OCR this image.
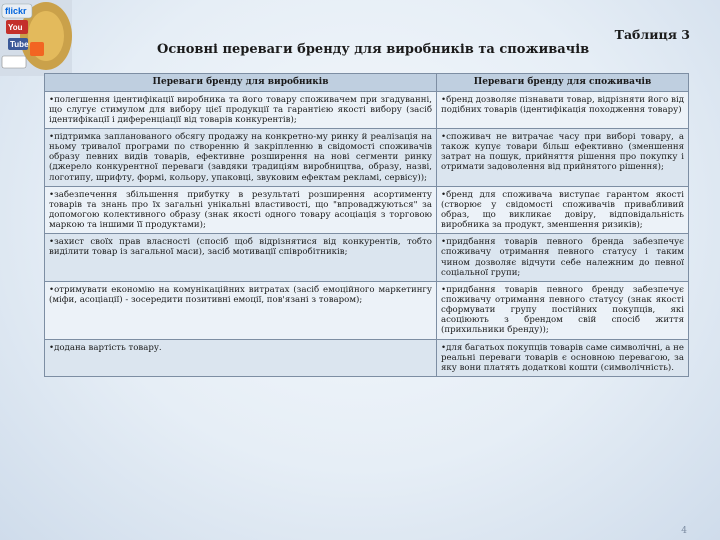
flickr
You
Tube
Таблиця 3
Основні переваги бренду для виробників та споживачів
Переваги бренду для виробників	Переваги бренду для споживачів
•полегшення ідентифікації виробника та його товару споживачем при згадуванні, що слугує стимулом для вибору цієї продукції та гарантією якості вибору (засіб ідентифікації і диференціації від товарів конкурентів);	•бренд дозволяє пізнавати товар, відрізняти його від подібних товарів (ідентифікація походження товару)
•підтримка запланованого обсягу продажу на конкретно-му ринку й реалізація на ньому тривалої програми по створенню й закріпленню в свідомості споживачів образу певних видів товарів, ефективне розширення на нові сегменти ринку (джерело конкурентної переваги (завдяки традиціям виробництва, образу, назві, логотипу, шрифту, формі, кольору, упаковці, звуковим ефектам рекламі, сервісу));	•споживач не витрачає часу при виборі товару, а також купує товари більш ефективно (зменшення затрат на пошук, прийняття рішення про покупку і отримати задоволення від прийнятого рішення);
•забезпечення збільшення прибутку в результаті розширення асортименту товарів та знань про їх загальні унікальні властивості, що "впроваджуються" за допомогою колективного образу (знак якості одного товару асоціація з торговою маркою та іншими її продуктами);	•бренд для споживача виступає гарантом якості (створює у свідомості споживачів привабливий образ, що викликає довіру, відповідальність виробника за продукт, зменшення ризиків);
•захист своїх прав власності (спосіб щоб відрізнятися від конкурентів, тобто виділити товар із загальної маси), засіб мотивації співробітників;	•придбання товарів певного бренда забезпечує споживачу отримання певного статусу і таким чином дозволяє відчути себе належним до певної соціальної групи;
•отримувати економію на комунікаційних витратах (засіб емоційного маркетингу (міфи, асоціації) - зосередити позитивні емоції, пов'язані з товаром);	•придбання товарів певного бренду забезпечує споживачу отримання певного статусу (знак якості сформувати групу постійних покупців, які асоціюють з брендом свій спосіб життя (прихильники бренду));
•додана вартість товару.	•для багатьох покупців товарів саме символічні, а не реальні переваги товарів є основною перевагою, за яку вони платять додаткові кошти (символічність).
4
